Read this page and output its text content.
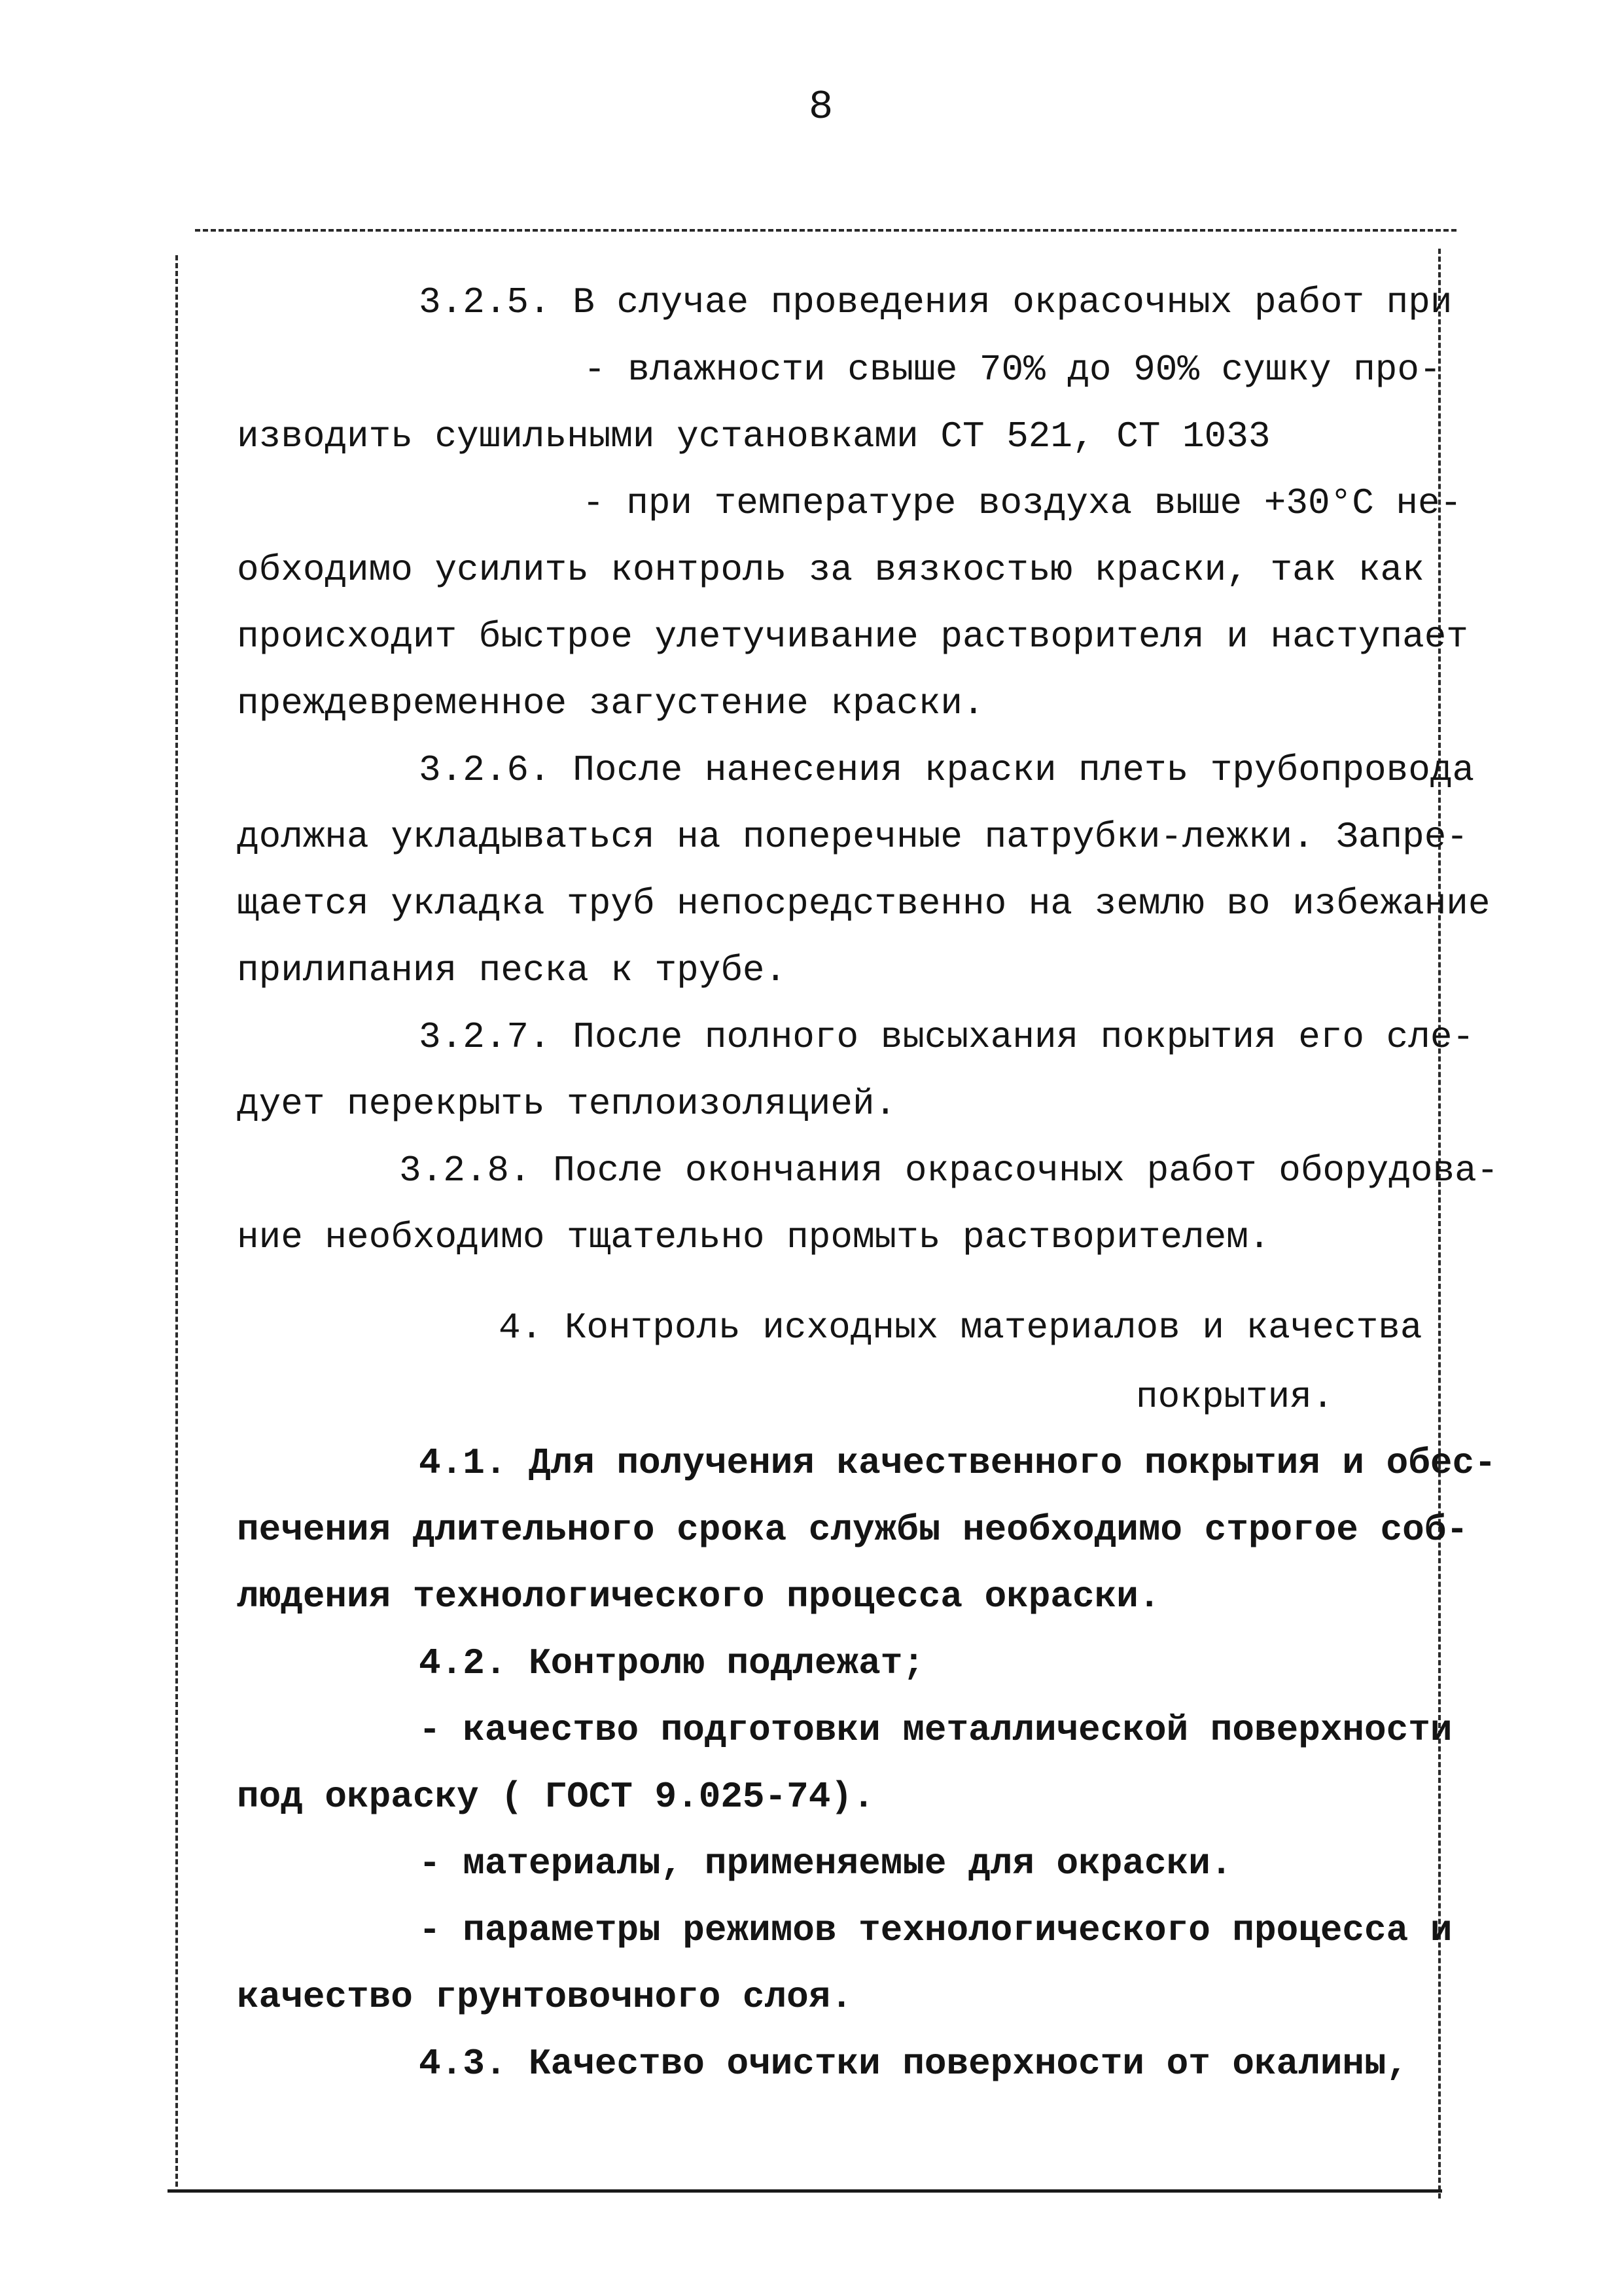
8
3.2.5. В случае проведения окрасочных работ при
- влажности свыше 70% до 90% сушку про-
изводить сушильными установками СТ 521, СТ 1033
- при температуре воздуха выше +30°С не-
обходимо усилить контроль за вязкостью краски, так как
происходит быстрое улетучивание растворителя и наступает
преждевременное загустение краски.
3.2.6. После нанесения краски плеть трубопровода
должна укладываться на поперечные патрубки-лежки. Запре-
щается укладка труб непосредственно на землю во избежание
прилипания песка к трубе.
3.2.7. После полного высыхания покрытия его сле-
дует перекрыть теплоизоляцией.
3.2.8. После окончания окрасочных работ оборудова-
ние необходимо тщательно промыть растворителем.
4. Контроль исходных материалов и качества
покрытия.
4.1. Для получения качественного покрытия и обес-
печения длительного срока службы необходимо строгое соб-
людения технологического процесса окраски.
4.2. Контролю подлежат;
- качество подготовки металлической поверхности
под окраску ( ГОСТ 9.025-74).
- материалы, применяемые для окраски.
- параметры режимов технологического процесса и
качество грунтовочного слоя.
4.3. Качество очистки поверхности от окалины,
